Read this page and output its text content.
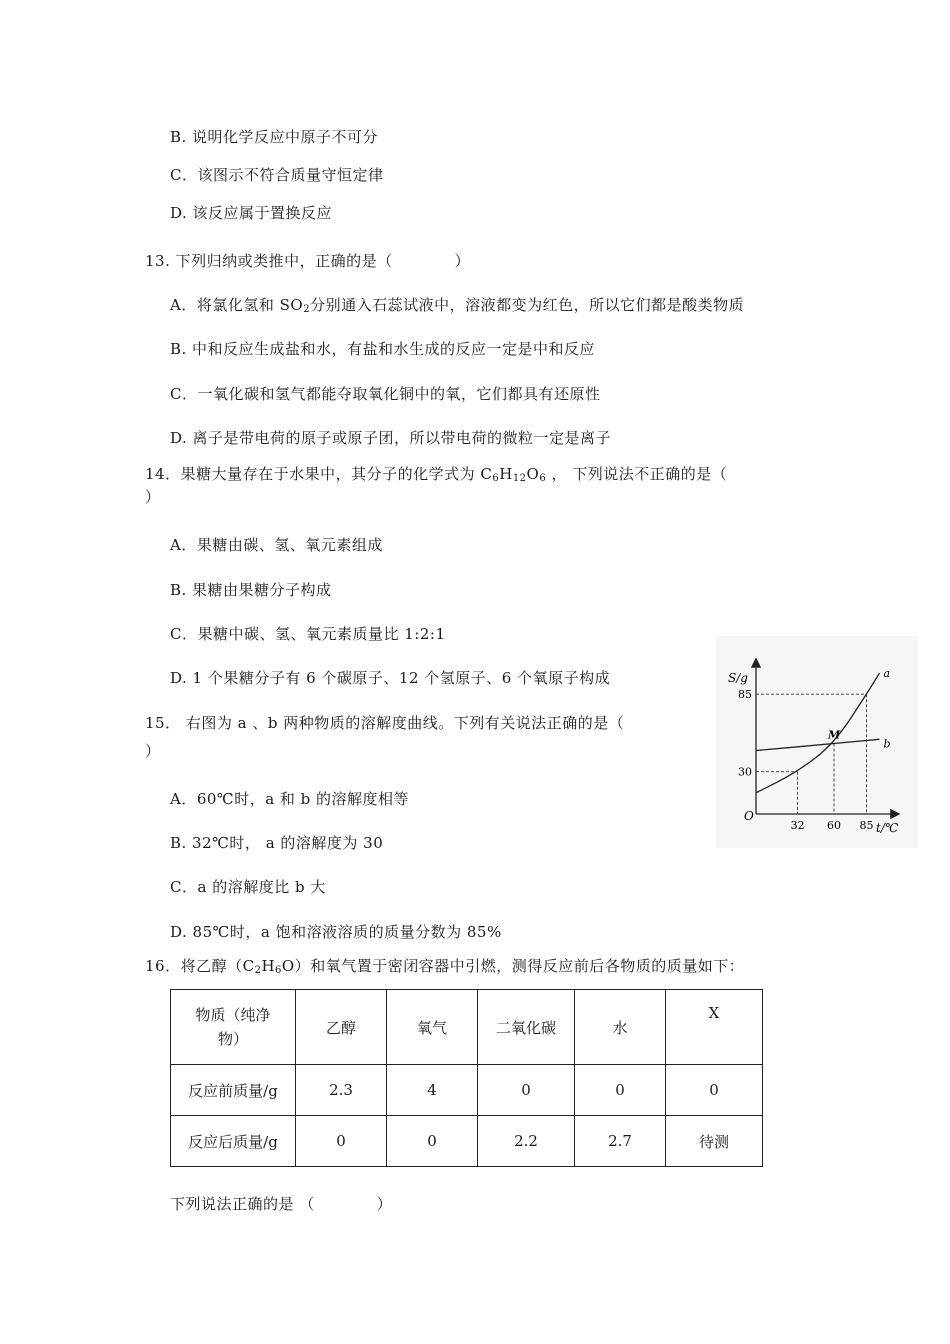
B. 说明化学反应中原子不可分
C．该图示不符合质量守恒定律
D. 该反应属于置换反应
13. 下列归纳或类推中，正确的是（　　　　）
A．将氯化氢和 $SO_2$分别通入石蕊试液中，溶液都变为红色，所以它们都是酸类物质
B. 中和反应生成盐和水，有盐和水生成的反应一定是中和反应
C．一氧化碳和氢气都能夺取氧化铜中的氧，它们都具有还原性
D. 离子是带电荷的原子或原子团，所以带电荷的微粒一定是离子
14．果糖大量存在于水果中，其分子的化学式为 $C_6H_{12}O_6$ ， 下列说法不正确的是（
）
A．果糖由碳、氢、氧元素组成
B. 果糖由果糖分子构成
C．果糖中碳、氢、氧元素质量比 1:2:1
D. 1 个果糖分子有 6 个碳原子、12 个氢原子、6 个氧原子构成
15． 右图为 a 、b 两种物质的溶解度曲线。下列有关说法正确的是（
）
A．60℃时，a 和 b 的溶解度相等
B. 32℃时， a 的溶解度为 30
C．a 的溶解度比 b 大
D. 85℃时，a 饱和溶液溶质的质量分数为 85%
a
b
M
S/g
t/℃
O
32 60 85
30
85
16．将乙醇$(C_2H_6O)$和氧气置于密闭容器中引燃，测得反应前后各物质的质量如下：
物质（纯净物）	乙醇	氧气	二氧化碳	水	X
反应前质量/g	2.3	4	0	0	0
反应后质量/g	0	0	2.2	2.7	待测
下列说法正确的是 （　　　　）
